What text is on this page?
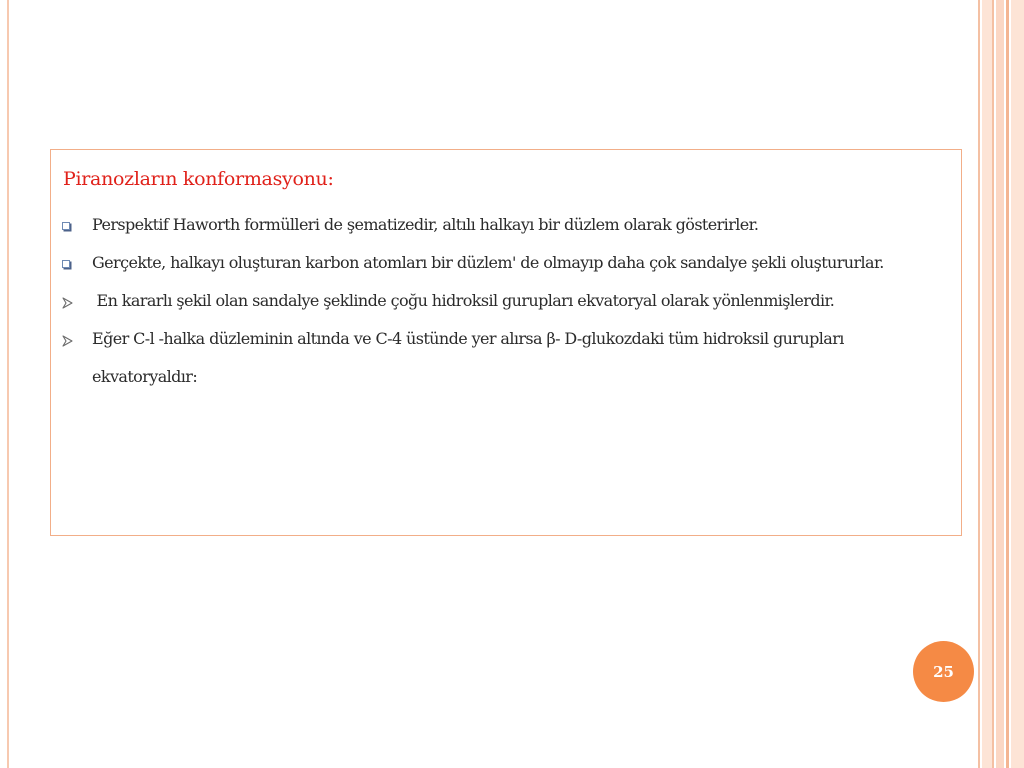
Piranozların konformasyonu:
Perspektif Haworth formülleri de şematizedir, altılı halkayı bir düzlem olarak gösterirler.
Gerçekte, halkayı oluşturan karbon atomları bir düzlem' de olmayıp daha çok sandalye şekli oluştururlar.
En kararlı şekil olan sandalye şeklinde çoğu hidroksil gurupları ekvatoryal olarak yönlenmişlerdir.
Eğer C-l -halka düzleminin altında ve C-4 üstünde yer alırsa β- D-glukozdaki tüm hidroksil gurupları ekvatoryaldır:
25
